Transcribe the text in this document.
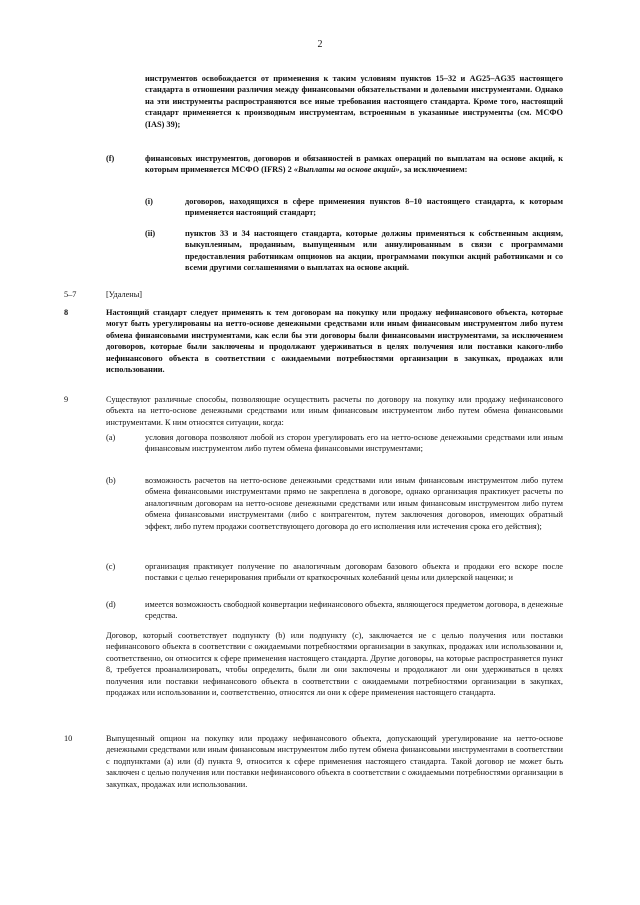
2
инструментов освобождается от применения к таким условиям пунктов 15–32 и AG25–AG35 настоящего стандарта в отношении различия между финансовыми обязательствами и долевыми инструментами. Однако на эти инструменты распространяются все иные требования настоящего стандарта. Кроме того, настоящий стандарт применяется к производным инструментам, встроенным в указанные инструменты (см. МСФО (IAS) 39);
(f)	финансовых инструментов, договоров и обязанностей в рамках операций по выплатам на основе акций, к которым применяется МСФО (IFRS) 2 «Выплаты на основе акций», за исключением:
(i)	договоров, находящихся в сфере применения пунктов 8–10 настоящего стандарта, к которым применяется настоящий стандарт;
(ii)	пунктов 33 и 34 настоящего стандарта, которые должны применяться к собственным акциям, выкупленным, проданным, выпущенным или аннулированным в связи с программами предоставления работникам опционов на акции, программами покупки акций работниками и со всеми другими соглашениями о выплатах на основе акций.
5–7	[Удалены]
8	Настоящий стандарт следует применять к тем договорам на покупку или продажу нефинансового объекта, которые могут быть урегулированы на нетто-основе денежными средствами или иным финансовым инструментом либо путем обмена финансовыми инструментами, как если бы эти договоры были финансовыми инструментами, за исключением договоров, которые были заключены и продолжают удерживаться в целях получения или поставки какого-либо нефинансового объекта в соответствии с ожидаемыми потребностями организации в закупках, продажах или использовании.
9	Существуют различные способы, позволяющие осуществить расчеты по договору на покупку или продажу нефинансового объекта на нетто-основе денежными средствами или иным финансовым инструментом либо путем обмена финансовыми инструментами. К ним относятся ситуации, когда:
(a)	условия договора позволяют любой из сторон урегулировать его на нетто-основе денежными средствами или иным финансовым инструментом либо путем обмена финансовыми инструментами;
(b)	возможность расчетов на нетто-основе денежными средствами или иным финансовым инструментом либо путем обмена финансовыми инструментами прямо не закреплена в договоре, однако организация практикует расчеты по аналогичным договорам на нетто-основе денежными средствами или иным финансовым инструментом либо путем обмена финансовыми инструментами (либо с контрагентом, путем заключения договоров, имеющих обратный эффект, либо путем продажи соответствующего договора до его исполнения или истечения срока его действия);
(c)	организация практикует получение по аналогичным договорам базового объекта и продажи его вскоре после поставки с целью генерирования прибыли от краткосрочных колебаний цены или дилерской наценки; и
(d)	имеется возможность свободной конвертации нефинансового объекта, являющегося предметом договора, в денежные средства.
Договор, который соответствует подпункту (b) или подпункту (c), заключается не с целью получения или поставки нефинансового объекта в соответствии с ожидаемыми потребностями организации в закупках, продажах или использовании и, соответственно, он относится к сфере применения настоящего стандарта. Другие договоры, на которые распространяется пункт 8, требуется проанализировать, чтобы определить, были ли они заключены и продолжают ли они удерживаться в целях получения или поставки нефинансового объекта в соответствии с ожидаемыми потребностями организации в закупках, продажах или использовании и, соответственно, относятся ли они к сфере применения настоящего стандарта.
10	Выпущенный опцион на покупку или продажу нефинансового объекта, допускающий урегулирование на нетто-основе денежными средствами или иным финансовым инструментом либо путем обмена финансовыми инструментами в соответствии с подпунктами (a) или (d) пункта 9, относится к сфере применения настоящего стандарта. Такой договор не может быть заключен с целью получения или поставки нефинансового объекта в соответствии с ожидаемыми потребностями организации в закупках, продажах или использовании.
